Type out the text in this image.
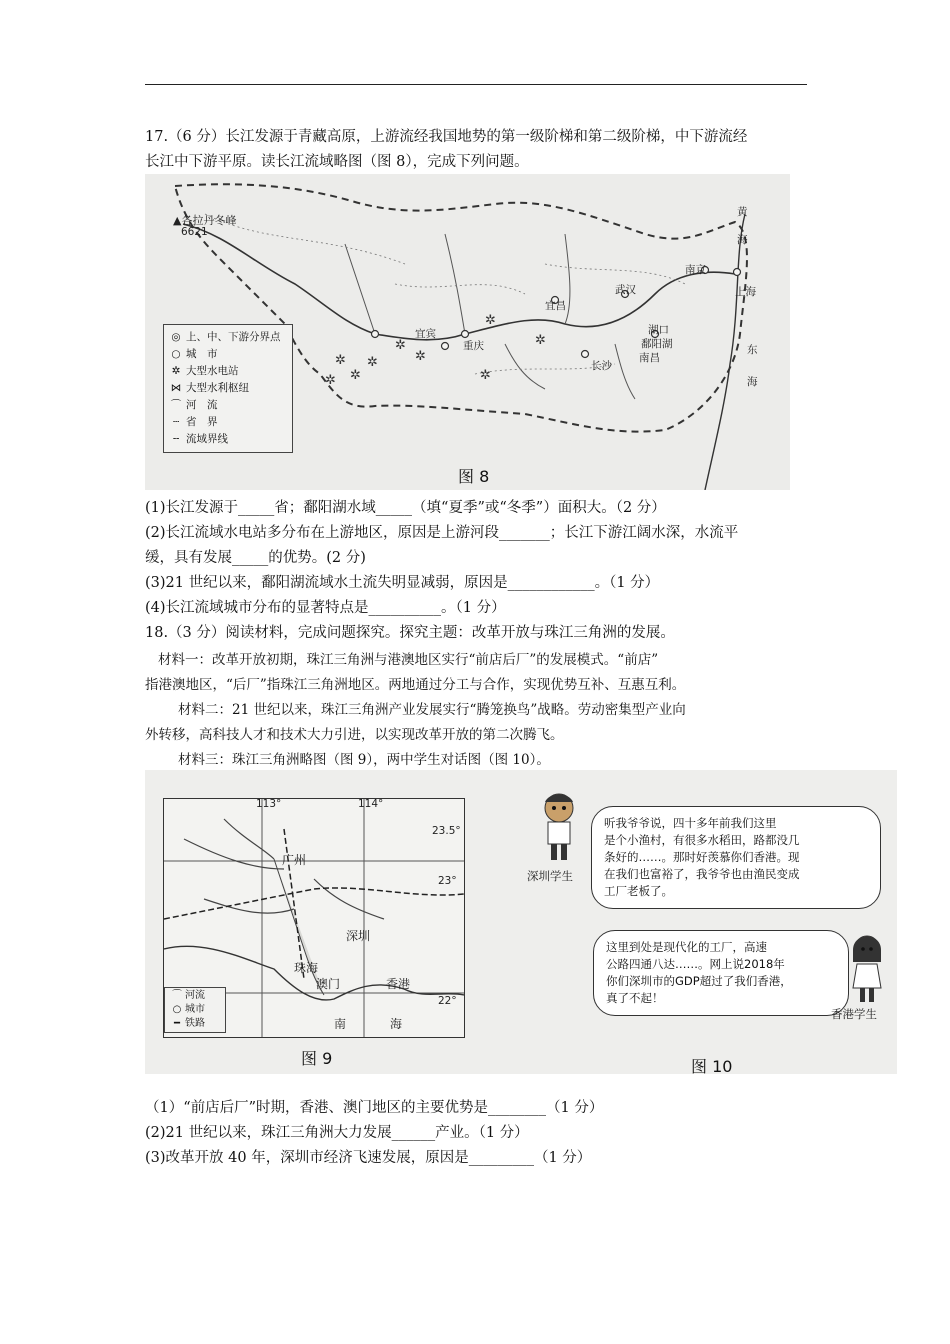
17.（6 分）长江发源于青藏高原，上游流经我国地势的第一级阶梯和第二级阶梯，中下游流经
长江中下游平原。读长江流域略图（图 8），完成下列问题。
✲
✲
✲
✲
✲
✲	✲
✲
✲
▲各拉丹冬峰
6621
宜宾
重庆
宜昌
武汉
长沙
湖口
鄱阳湖
南昌
南京
上海
黄
海
东

海
◎ 上、中、下游分界点
○ 城　市
✲ 大型水电站
⋈ 大型水利枢纽
⌒ 河　流
┄ 省　界
╌ 流域界线
图 8
(1)长江发源于_____省；鄱阳湖水域_____（填“夏季”或“冬季”）面积大。（2 分）
(2)长江流域水电站多分布在上游地区，原因是上游河段_______；长江下游江阔水深，水流平
缓，具有发展_____的优势。(2 分)
(3)21 世纪以来，鄱阳湖流域水土流失明显减弱，原因是____________。（1 分）
(4)长江流域城市分布的显著特点是__________。（1 分）
18.（3 分）阅读材料，完成问题探究。探究主题：改革开放与珠江三角洲的发展。
材料一：改革开放初期，珠江三角洲与港澳地区实行“前店后厂”的发展模式。“前店”
指港澳地区，“后厂”指珠江三角洲地区。两地通过分工与合作，实现优势互补、互惠互利。
材料二：21 世纪以来，珠江三角洲产业发展实行“腾笼换鸟”战略。劳动密集型产业向
外转移，高科技人才和技术大力引进，以实现改革开放的第二次腾飞。
材料三：珠江三角洲略图（图 9），两中学生对话图（图 10）。
113°	114°
23.5°
23°
22°
广州
深圳
珠海
澳门	香港
南	海
⌒ 河流
○ 城市
━ 铁路
图 9
深圳学生
听我爷爷说，四十多年前我们这里
是个小渔村，有很多水稻田，路都没几
条好的……。那时好羡慕你们香港。现
在我们也富裕了，我爷爷也由渔民变成
工厂老板了。
这里到处是现代化的工厂，高速
公路四通八达……。网上说2018年
你们深圳市的GDP超过了我们香港，
真了不起！
香港学生
图 10
（1）“前店后厂”时期，香港、澳门地区的主要优势是________（1 分）
(2)21 世纪以来，珠江三角洲大力发展______产业。（1 分）
(3)改革开放 40 年，深圳市经济飞速发展，原因是_________（1 分）
